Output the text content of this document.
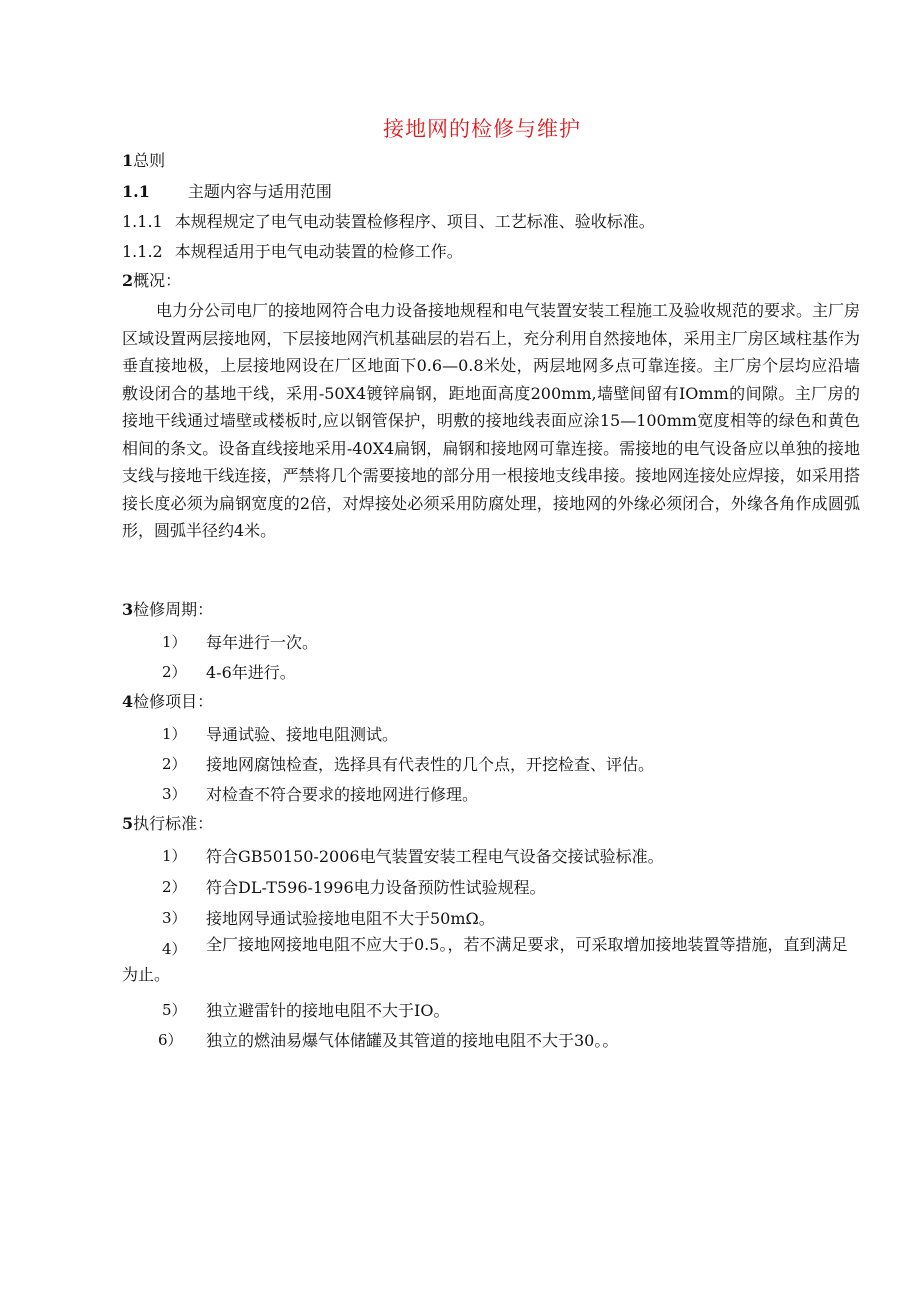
接地网的检修与维护
1总则
1.1 主题内容与适用范围
1.1.1 本规程规定了电气电动装置检修程序、项目、工艺标准、验收标准。
1.1.2 本规程适用于电气电动装置的检修工作。
2概况：
电力分公司电厂的接地网符合电力设备接地规程和电气装置安装工程施工及验收规范的要求。主厂房区域设置两层接地网，下层接地网汽机基础层的岩石上，充分利用自然接地体，采用主厂房区域柱基作为垂直接地极，上层接地网设在厂区地面下0.6—0.8米处，两层地网多点可靠连接。主厂房个层均应沿墙敷设闭合的基地干线，采用-50X4镀锌扁钢，距地面高度200mm,墙壁间留有IOmm的间隙。主厂房的接地干线通过墙壁或楼板时,应以钢管保护，明敷的接地线表面应涂15—100mm宽度相等的绿色和黄色相间的条文。设备直线接地采用-40X4扁钢，扁钢和接地网可靠连接。需接地的电气设备应以单独的接地支线与接地干线连接，严禁将几个需要接地的部分用一根接地支线串接。接地网连接处应焊接，如采用搭接长度必须为扁钢宽度的2倍，对焊接处必须采用防腐处理，接地网的外缘必须闭合，外缘各角作成圆弧形，圆弧半径约4米。
3检修周期：
1） 每年进行一次。
2） 4-6年进行。
4检修项目：
1） 导通试验、接地电阻测试。
2） 接地网腐蚀检查，选择具有代表性的几个点，开挖检查、评估。
3） 对检查不符合要求的接地网进行修理。
5执行标准：
1） 符合GB50150-2006电气装置安装工程电气设备交接试验标准。
2） 符合DL-T596-1996电力设备预防性试验规程。
3） 接地网导通试验接地电阻不大于50mΩ。
4）	全厂接地网接地电阻不应大于0.5。，若不满足要求，可采取增加接地装置等措施，直到满足为止。
5） 独立避雷针的接地电阻不大于IO。
6） 独立的燃油易爆气体储罐及其管道的接地电阻不大于30。。
